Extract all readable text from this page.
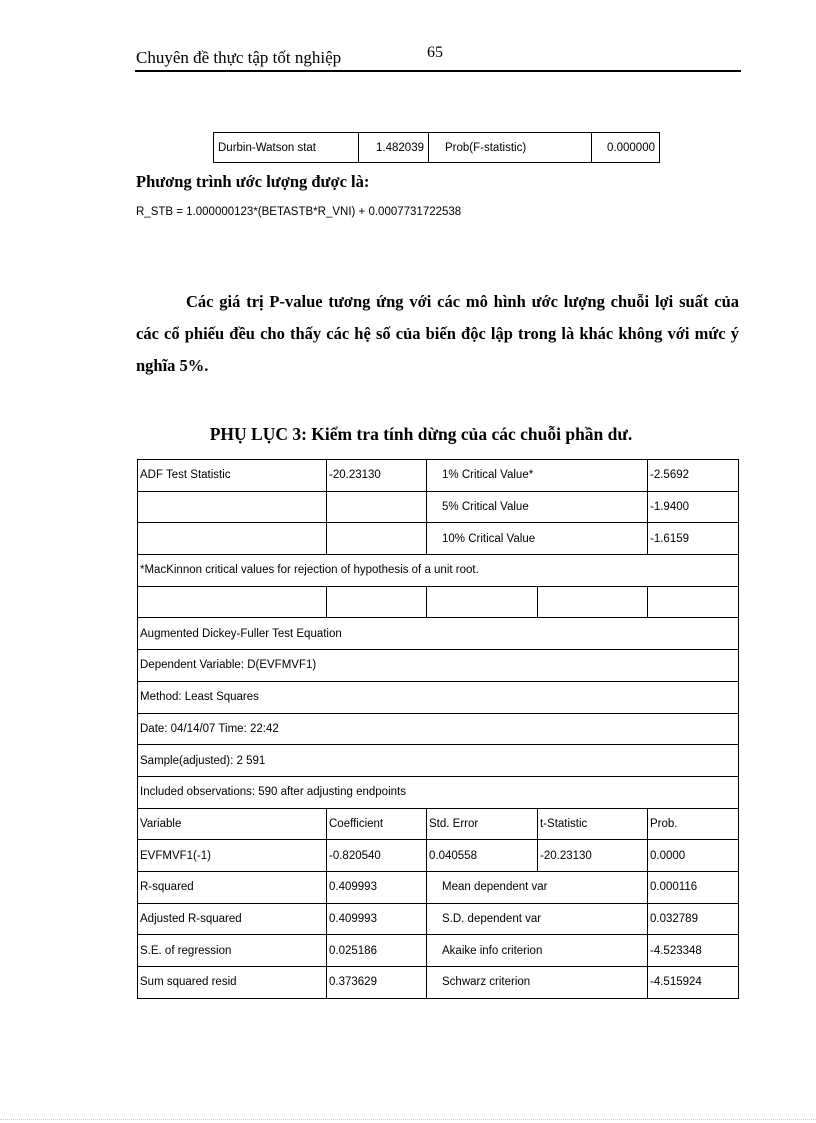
Chuyên đề thực tập tốt nghiệp	65
Durbin-Watson stat	1.482039	Prob(F-statistic)	0.000000
Phương trình ước lượng được là:
R_STB = 1.000000123*(BETASTB*R_VNI) + 0.0007731722538

Các giá trị P-value tương ứng với các mô hình ước lượng chuỗi lợi suất của các cổ phiếu đều cho thấy các hệ số của biến độc lập trong là khác không với mức ý nghĩa 5%.

PHỤ LỤC 3: Kiểm tra tính dừng của các chuỗi phần dư.
ADF Test Statistic	-20.23130	1% Critical Value*		-2.5692
		5% Critical Value		-1.9400
		10% Critical Value		-1.6159
*MacKinnon critical values for rejection of hypothesis of a unit root.				

Augmented Dickey-Fuller Test Equation				
Dependent Variable: D(EVFMVF1)				
Method: Least Squares				
Date: 04/14/07 Time: 22:42				
Sample(adjusted): 2 591				
Included observations: 590 after adjusting endpoints				
Variable	Coefficient	Std. Error	t-Statistic	Prob.
EVFMVF1(-1)	-0.820540	0.040558	-20.23130	0.0000
R-squared	0.409993	Mean dependent var		0.000116
Adjusted R-squared	0.409993	S.D. dependent var		0.032789
S.E. of regression	0.025186	Akaike info criterion		-4.523348
Sum squared resid	0.373629	Schwarz criterion		-4.515924
